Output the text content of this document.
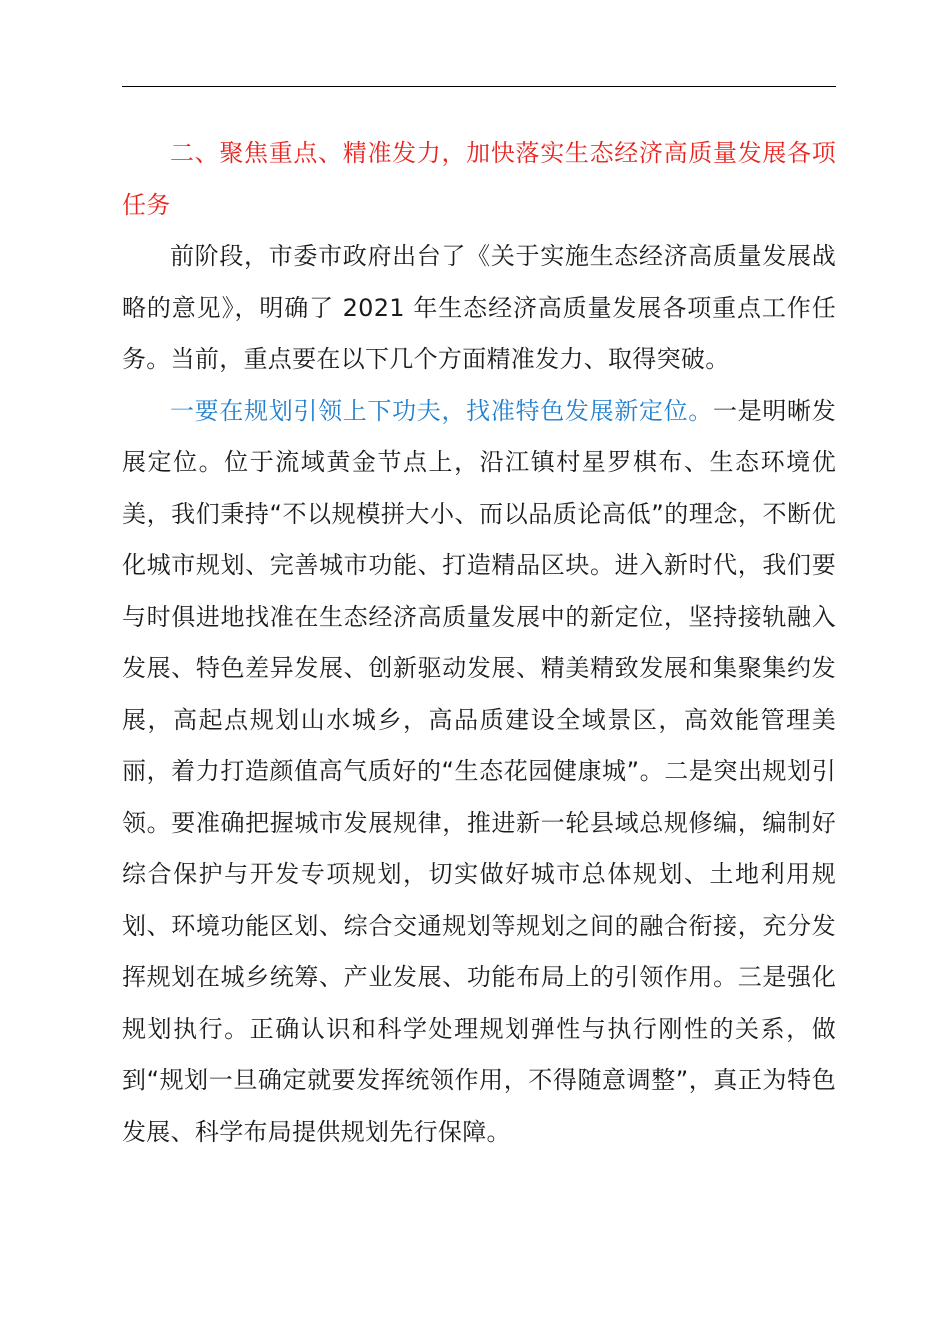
二、聚焦重点、精准发力，加快落实生态经济高质量发展各项任务

前阶段，市委市政府出台了《关于实施生态经济高质量发展战略的意见》，明确了 2021 年生态经济高质量发展各项重点工作任务。当前，重点要在以下几个方面精准发力、取得突破。

一要在规划引领上下功夫，找准特色发展新定位。一是明晰发展定位。位于流域黄金节点上，沿江镇村星罗棋布、生态环境优美，我们秉持“不以规模拼大小、而以品质论高低”的理念，不断优化城市规划、完善城市功能、打造精品区块。进入新时代，我们要与时俱进地找准在生态经济高质量发展中的新定位，坚持接轨融入发展、特色差异发展、创新驱动发展、精美精致发展和集聚集约发展，高起点规划山水城乡，高品质建设全域景区，高效能管理美丽，着力打造颜值高气质好的“生态花园健康城”。二是突出规划引领。要准确把握城市发展规律，推进新一轮县域总规修编，编制好综合保护与开发专项规划，切实做好城市总体规划、土地利用规划、环境功能区划、综合交通规划等规划之间的融合衔接，充分发挥规划在城乡统筹、产业发展、功能布局上的引领作用。三是强化规划执行。正确认识和科学处理规划弹性与执行刚性的关系，做到“规划一旦确定就要发挥统领作用，不得随意调整”，真正为特色发展、科学布局提供规划先行保障。
